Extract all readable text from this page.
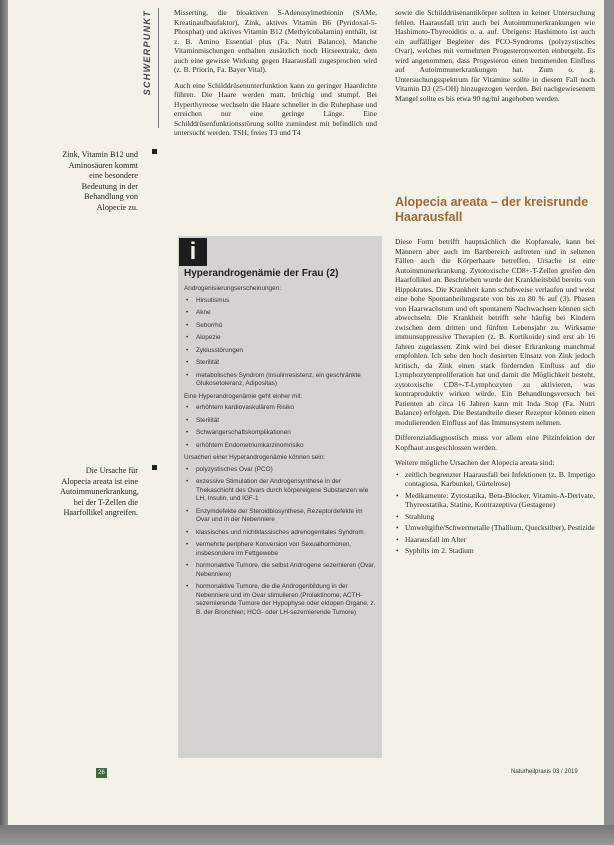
SCHWERPUNKT
Zink, Vitamin B12 und Aminosäuren kommt eine besondere Bedeutung in der Behandlung von Alopecie zu.
Die Ursache für Alopecia areata ist eine Autoimmunerkrankung, bei der T-Zellen die Haarfollikel angreifen.

Misserting, die bioaktiven S-Adenosylmethionin (SAMe, Kreatinaufbaufaktor), Zink, aktives Vitamin B6 (Pyridoxal-5-Phosphat) und aktives Vitamin B12 (Methylcobalamin) enthält, ist z. B. Amino Essential plus (Fa. Nutri Balance). Manche Vitaminmischungen enthalten zusätzlich noch Hirseextrakt, dem auch eine gewisse Wirkung gegen Haarausfall zugesprochen wird (z. B. Priorin, Fa. Bayer Vital).

Auch eine Schilddrüsenunterfunktion kann zu geringer Haardichte führen. Die Haare werden matt, brüchig und stumpf. Bei Hyperthyreose wechseln die Haare schneller in die Ruhephase und erreichen nur eine geringe Länge. Eine Schilddrüsenfunktionsstörung sollte zumindest mit befindlich und untersucht werden. TSH, freies T3 und T4

i
Hyperandrogenämie der Frau (2)
Androgenisierungserscheinungen:
• Hirsutismus
• Akne
• Seborrhö
• Alopezie
• Zyklusstörungen
• Sterilität
• metabolisches Syndrom (Insulinresistenz, ein geschränkte Glukosetoleranz, Adipositas)
Eine Hyperandrogenämie geht einher mit:
• erhöhtem kardiovaskulärem Risiko
• Sterilität
• Schwangerschaftskomplikationen
• erhöhtem Endometriumkarzinomrisiko
Ursachen einer Hyperandrogenämie können sein:
• polyzystisches Ovar (PCO)
• exzessive Stimulation der Androgensynthese in der Thekaschicht des Ovars durch körpereigene Substanzen wie LH, Insulin, und IGF-1
• Enzymdefekte der Steroidbiosynthese, Rezeptordefekte im Ovar und in der Nebenniere
• klassisches und nichtklassisches adrenogenitales Syndrom
• vermehrte periphere Konversion von Sexualhormonen, insbesondere im Fettgewebe
• hormonaktive Tumore, die selbst Androgene sezernieren (Ovar, Nebenniere)
• hormonaktive Tumore, die die Androgenbildung in der Nebenniere und im Ovar stimulieren (Prolaktinome, ACTH-sezernierende Tumore der Hypophyse oder ektopen Organe, z. B. der Bronchien; HCG- oder LH-sezernierende Tumore)
sowie die Schilddrüsenantikörper sollten in keiner Untersuchung fehlen. Haarausfall tritt auch bei Autoimmunerkrankungen wie Hashimoto-Thyreoiditis o. a. auf. Übrigens: Hashimoto ist auch ein auffälliger Begleiter des PCO-Syndroms (polyzystisches Ovar), welches mit vermehrten Progesteronwerten einhergeht. Es wird angenommen, dass Progesteron einen hemmenden Einfluss auf Autoimmunerkrankungen hat. Zum o. g. Untersuchungsspektrum für Vitamine sollte in diesem Fall noch Vitamin D3 (25-OH) hinzugezogen werden. Bei nachgewiesenem Mangel sollte es bis etwa 90 ng/ml angehoben werden.
Alopecia areata – der kreisrunde Haarausfall

Diese Form betrifft hauptsächlich die Kopfareale, kann bei Männern aber auch im Bartbereich auftreten und in seltenen Fällen auch die Körperhaare betreffen. Ursache ist eine Autoimmunerkrankung. Zytotoxische CD8+-T-Zellen greifen den Haarfollikel an. Beschrieben wurde der Krankheitsbild bereits von Hippokrates. Die Krankheit kann schubweise verlaufen und weist eine hohe Spontanheilungsrate von bis zu 80 % auf (3). Phasen von Haarwachstum und oft spontanem Nachwachsen können sich abwechseln. Die Krankheit betrifft sehr häufig bei Kindern zwischen dem dritten und fünften Lebensjahr zu. Wirksame immunsuppressive Therapien (z. B. Kortikoide) sind erst ab 16 Jahren zugelassen. Zink wird bei dieser Erkrankung manchmal empfohlen. Ich sehe den hoch dosierten Einsatz von Zink jedoch kritisch, da Zink einen stark fördernden Einfluss auf die Lymphozytenproliferation hat und damit die Möglichkeit besteht, zytotoxische CD8+-T-Lymphozyten zu aktivieren, was kontraproduktiv wirken würde. Ein Behandlungsversuch bei Patienten ab circa 16 Jahren kann mit Inda Stop (Fa. Nutri Balance) erfolgen. Die Bestandteile dieser Rezeptur können einen modulierenden Einfluss auf das Immunsystem nehmen.

Differenzialdiagnostisch muss vor allem eine Pilzinfektion der Kopfhaut ausgeschlossen werden.

Weitere mögliche Ursachen der Alopecia areata sind:

• zeitlich begrenzter Haarausfall bei Infektionen (z. B. Impetigo contagiosa, Karbunkel, Gürtelrose)
• Medikamente: Zytostatika, Beta-Blocker, Vitamin-A-Derivate, Thyreostatika, Statine, Kontrazeptiva (Gestagene)
• Strahlung
• Umweltgifte/Schwermetalle (Thallium, Quecksilber), Pestizide
• Haarausfall im Alter
• Syphilis im 2. Stadium
26	Naturheilpraxis 03 / 2019
